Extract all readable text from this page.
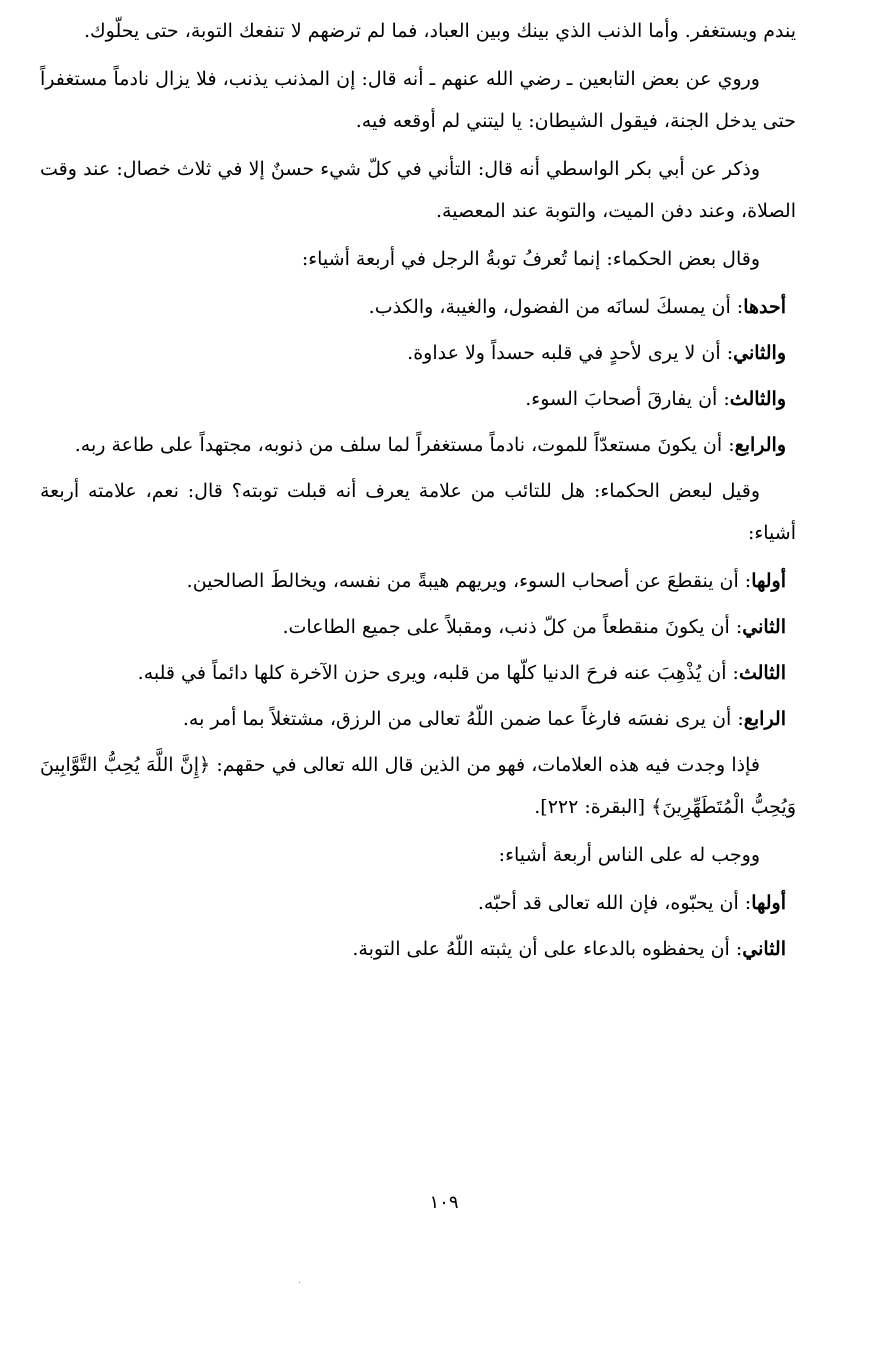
يندم ويستغفر. وأما الذنب الذي بينك وبين العباد، فما لم ترضهم لا تنفعك التوبة، حتى يحلّوك.

وروي عن بعض التابعين ـ رضي الله عنهم ـ أنه قال: إن المذنب يذنب، فلا يزال نادماً مستغفراً حتى يدخل الجنة، فيقول الشيطان: يا ليتني لم أوقعه فيه.

وذكر عن أبي بكر الواسطي أنه قال: التأني في كلّ شيء حسنٌ إلا في ثلاث خصال: عند وقت الصلاة، وعند دفن الميت، والتوبة عند المعصية.

وقال بعض الحكماء: إنما تُعرفُ توبةُ الرجل في أربعة أشياء:

أحدها: أن يمسكَ لسانَه من الفضول، والغيبة، والكذب.

والثاني: أن لا يرى لأحدٍ في قلبه حسداً ولا عداوة.

والثالث: أن يفارقَ أصحابَ السوء.

والرابع: أن يكونَ مستعدّاً للموت، نادماً مستغفراً لما سلف من ذنوبه، مجتهداً على طاعة ربه.

وقيل لبعض الحكماء: هل للتائب من علامة يعرف أنه قبلت توبته؟ قال: نعم، علامته أربعة أشياء:

أولها: أن ينقطعَ عن أصحاب السوء، ويريهم هيبةً من نفسه، ويخالطَ الصالحين.

الثاني: أن يكونَ منقطعاً من كلّ ذنب، ومقبلاً على جميع الطاعات.

الثالث: أن يُذْهِبَ عنه فرحَ الدنيا كلّها من قلبه، ويرى حزن الآخرة كلها دائماً في قلبه.

الرابع: أن يرى نفسَه فارغاً عما ضمن اللّهُ تعالى من الرزق، مشتغلاً بما أمر به.

فإذا وجدت فيه هذه العلامات، فهو من الذين قال الله تعالى في حقهم: ﴿إِنَّ اللَّهَ يُحِبُّ التَّوَّابِينَ وَيُحِبُّ الْمُتَطَهِّرِينَ﴾ [البقرة: ٢٢٢].

ووجب له على الناس أربعة أشياء:

أولها: أن يحبّوه، فإن الله تعالى قد أحبّه.

الثاني: أن يحفظوه بالدعاء على أن يثبته اللّهُ على التوبة.

١٠٩
·
